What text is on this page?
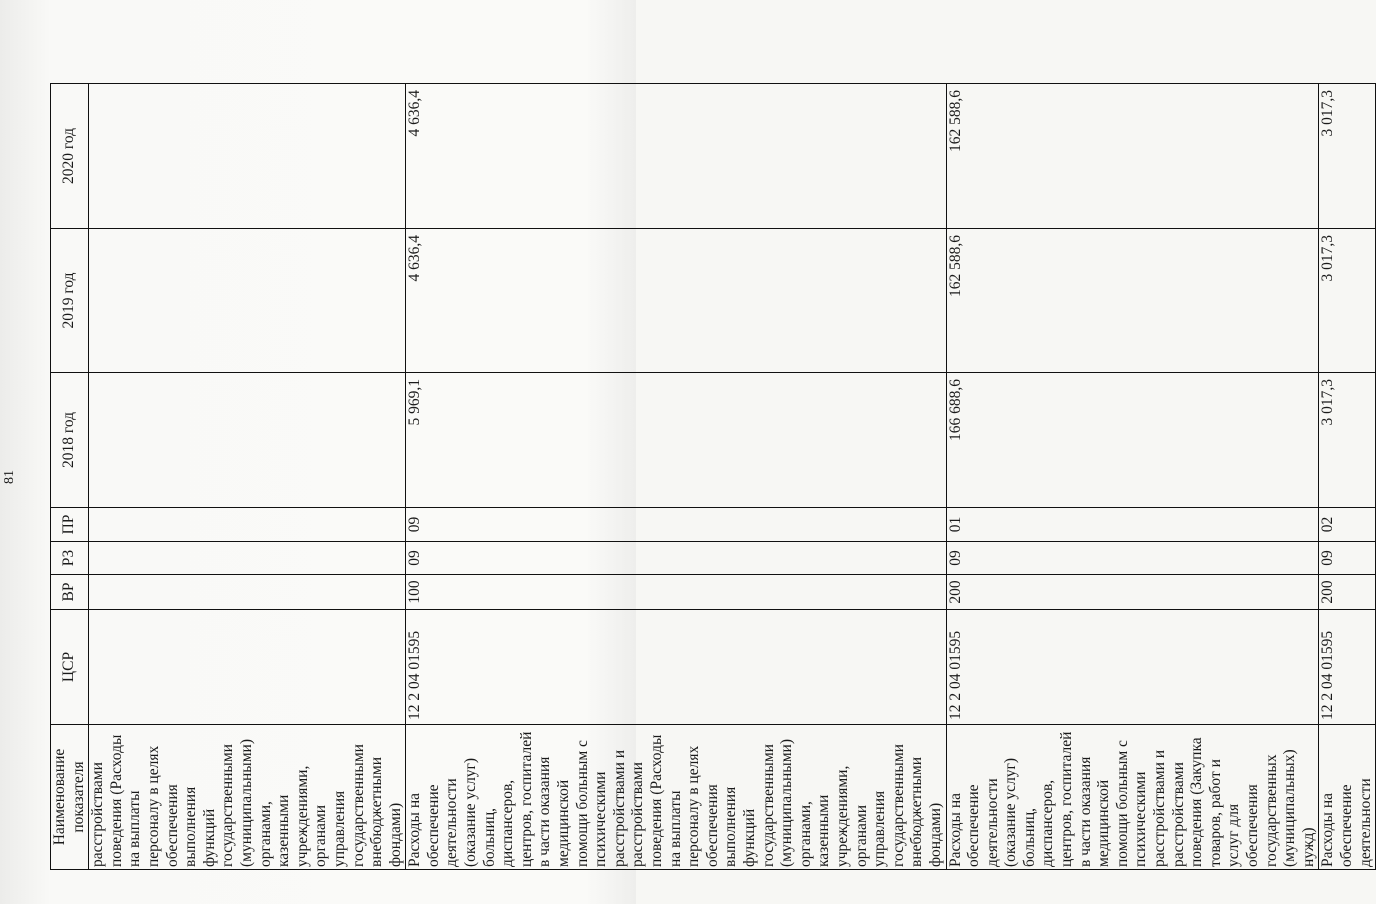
81
Наименование показателя	ЦСР	ВР	РЗ	ПР	2018 год	2019 год	2020 год
расстройствами поведения (Расходы на выплаты персоналу в целях обеспечения выполнения функций государственными (муниципальными) органами, казенными учреждениями, органами управления государственными внебюджетными фондами)							
Расходы на обеспечение деятельности (оказание услуг) больниц, диспансеров, центров, госпиталей в части оказания медицинской помощи больным с психическими расстройствами и расстройствами поведения (Расходы на выплаты персоналу в целях обеспечения выполнения функций государственными (муниципальными) органами, казенными учреждениями, органами управления государственными внебюджетными фондами)	12 2 04 01595	100	09	09	5 969,1	4 636,4	4 636,4
Расходы на обеспечение деятельности (оказание услуг) больниц, диспансеров, центров, госпиталей в части оказания медицинской помощи больным с психическими расстройствами и расстройствами поведения (Закупка товаров, работ и услуг для обеспечения государственных (муниципальных) нужд)	12 2 04 01595	200	09	01	166 688,6	162 588,6	162 588,6
Расходы на обеспечение деятельности	12 2 04 01595	200	09	02	3 017,3	3 017,3	3 017,3
